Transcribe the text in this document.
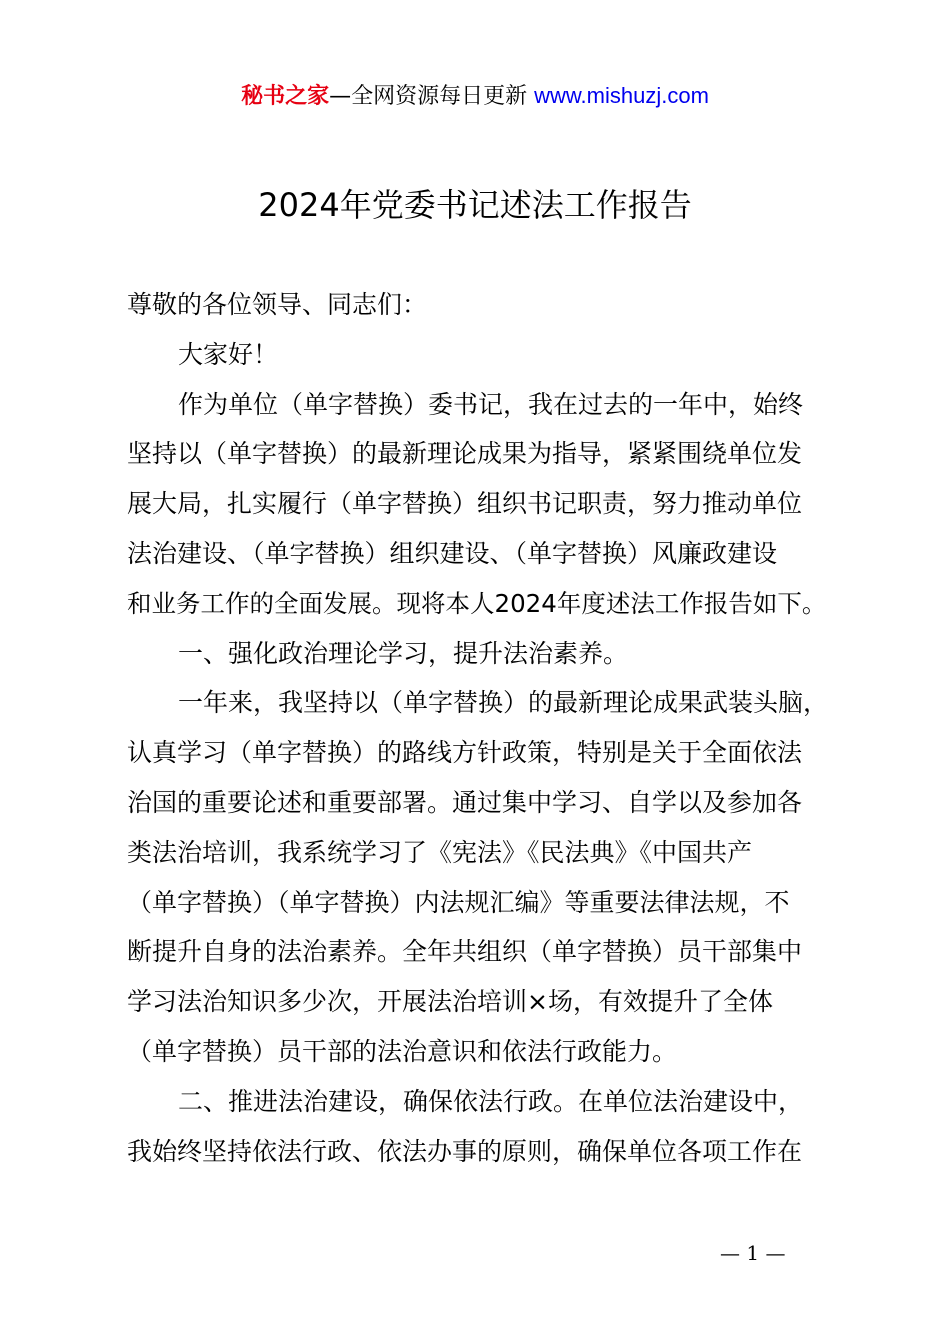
秘书之家—全网资源每日更新 www.mishuzj.com
2024年党委书记述法工作报告
尊敬的各位领导、同志们：
大家好！
作为单位（单字替换）委书记，我在过去的一年中，始终
坚持以（单字替换）的最新理论成果为指导，紧紧围绕单位发
展大局，扎实履行（单字替换）组织书记职责，努力推动单位
法治建设、（单字替换）组织建设、（单字替换）风廉政建设
和业务工作的全面发展。现将本人2024年度述法工作报告如下。
一、强化政治理论学习，提升法治素养。
一年来，我坚持以（单字替换）的最新理论成果武装头脑，
认真学习（单字替换）的路线方针政策，特别是关于全面依法
治国的重要论述和重要部署。通过集中学习、自学以及参加各
类法治培训，我系统学习了《宪法》《民法典》《中国共产
（单字替换）（单字替换）内法规汇编》等重要法律法规，不
断提升自身的法治素养。全年共组织（单字替换）员干部集中
学习法治知识多少次，开展法治培训×场，有效提升了全体
（单字替换）员干部的法治意识和依法行政能力。
二、推进法治建设，确保依法行政。在单位法治建设中，
我始终坚持依法行政、依法办事的原则，确保单位各项工作在
— 1 —
